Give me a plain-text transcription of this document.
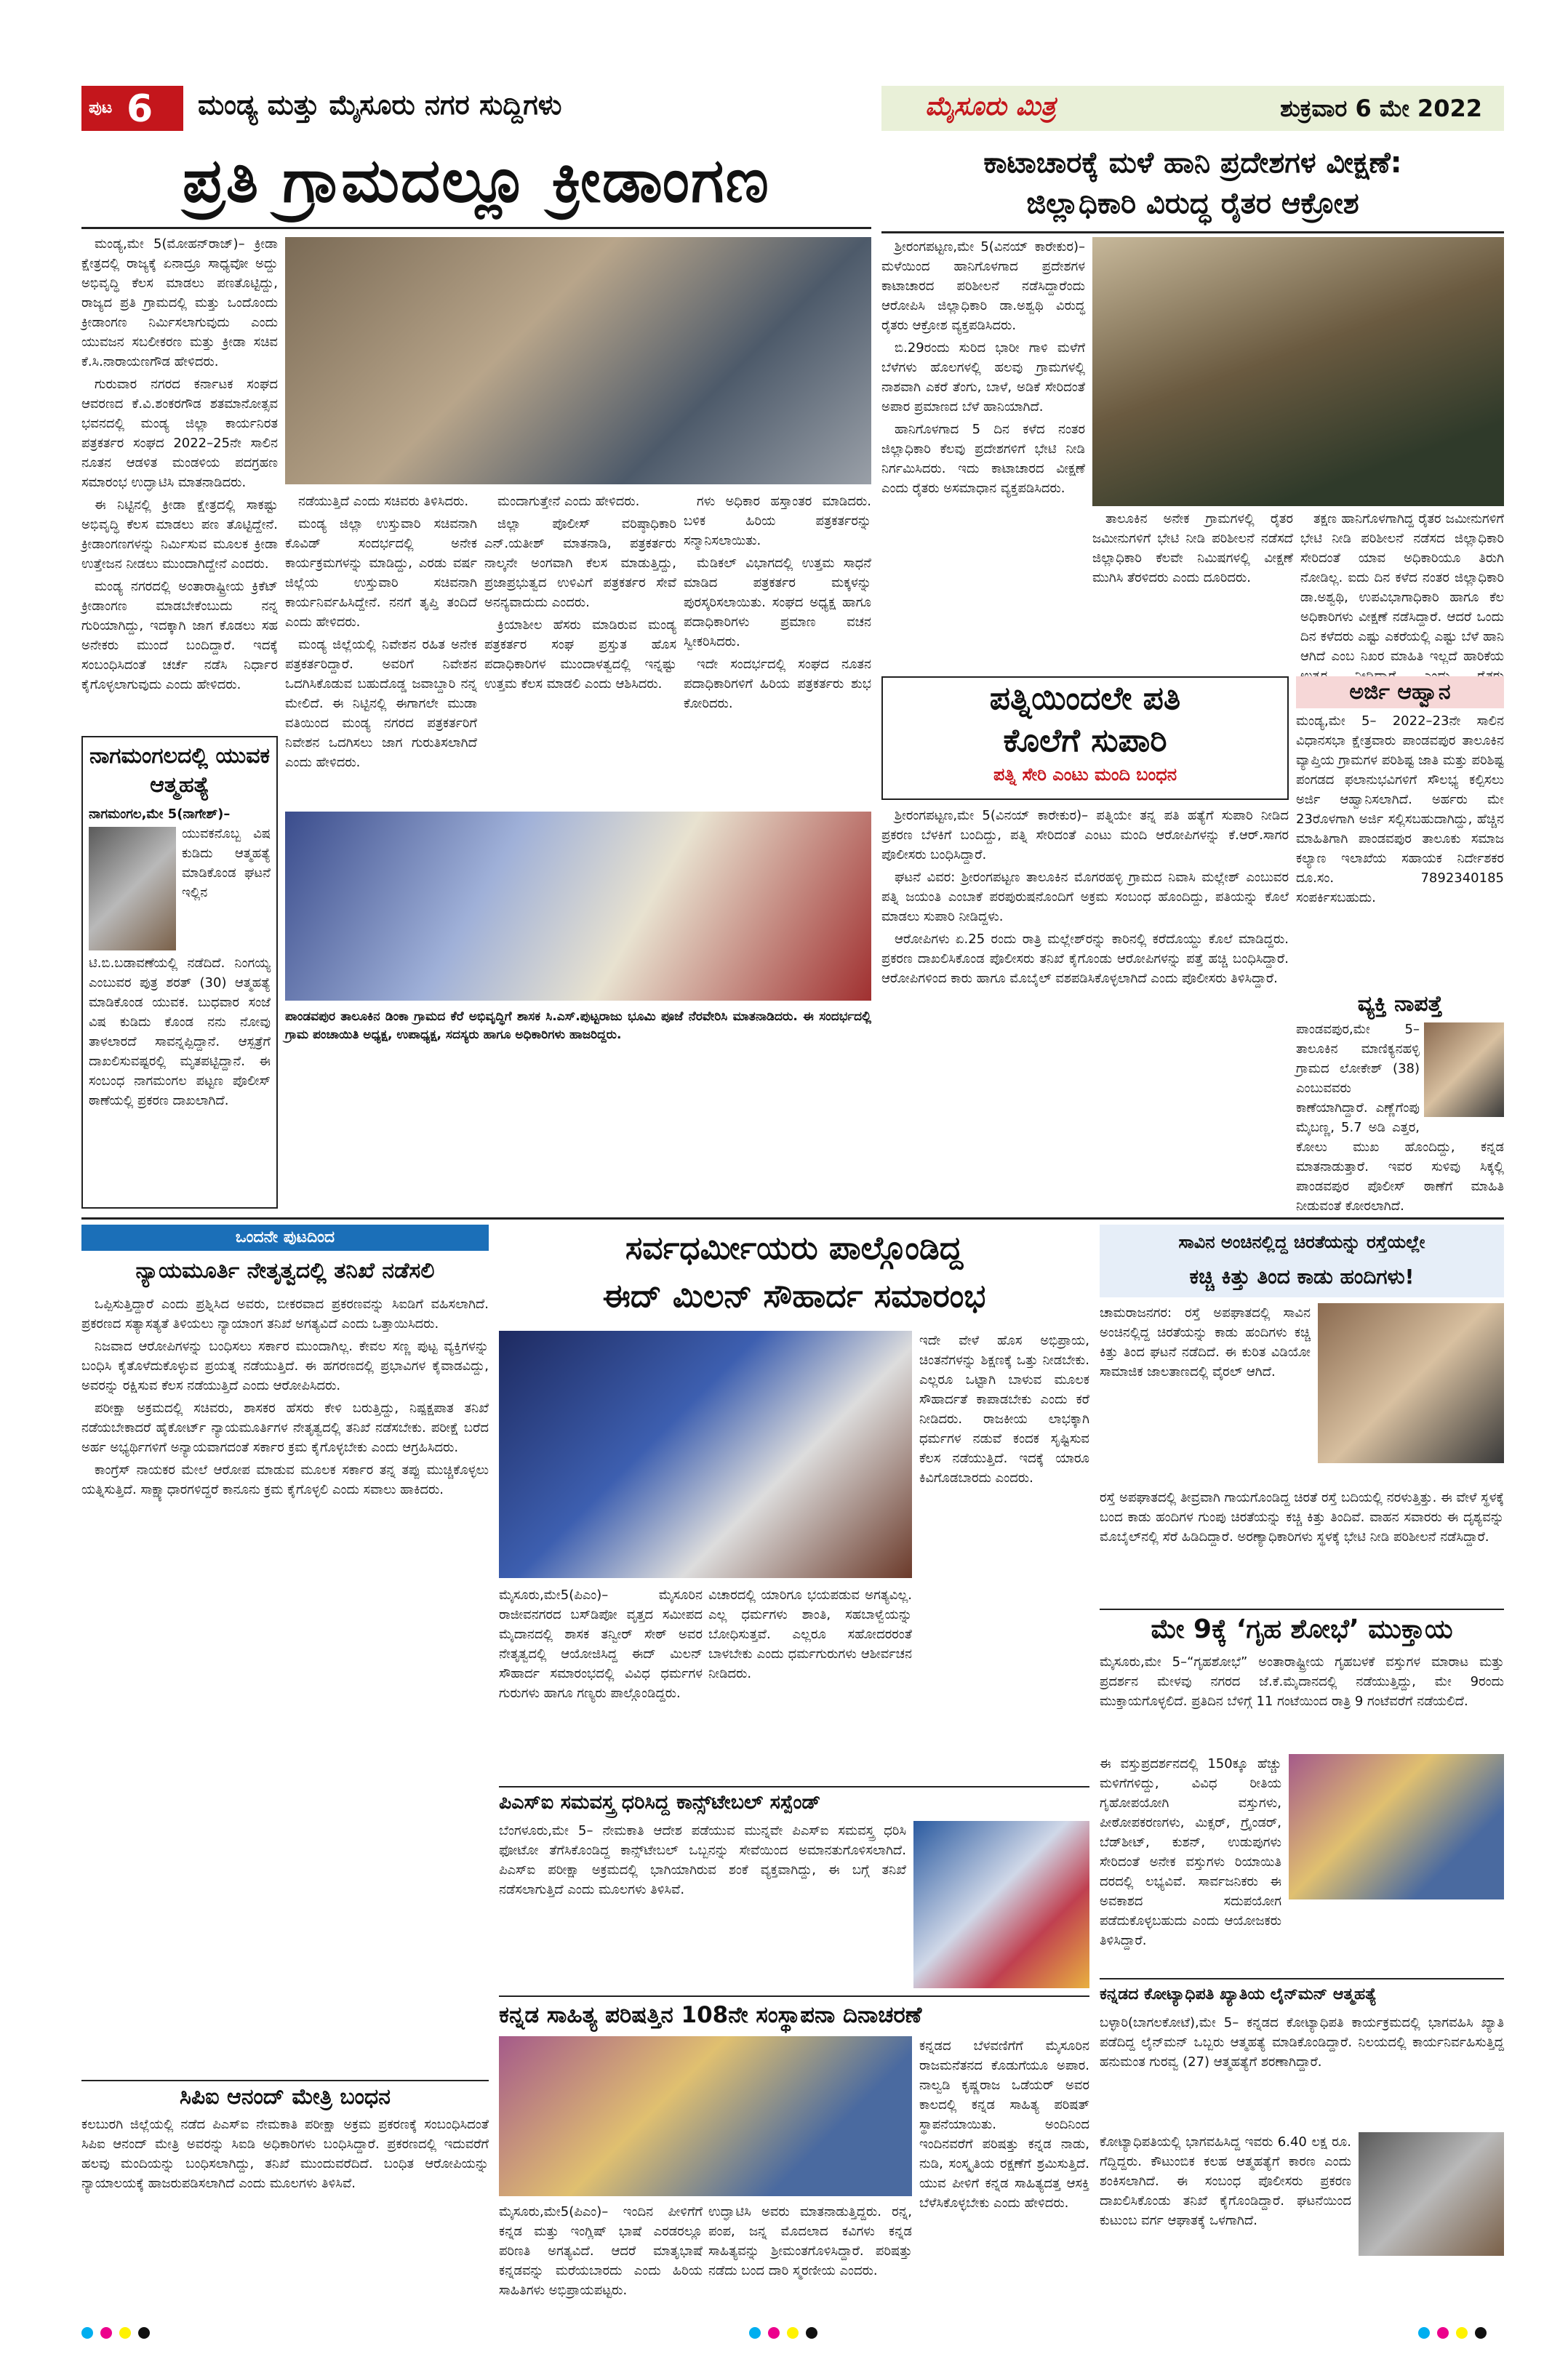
ಪುಟ 6 ಮಂಡ್ಯ ಮತ್ತು ಮೈಸೂರು ನಗರ ಸುದ್ದಿಗಳು	ಮೈಸೂರು ಮಿತ್ರ	ಶುಕ್ರವಾರ 6 ಮೇ 2022
ಪ್ರತಿ ಗ್ರಾಮದಲ್ಲೂ ಕ್ರೀಡಾಂಗಣ

ಮಂಡ್ಯ,ಮೇ 5(ಮೋಹನ್‌ರಾಜ್)– ಕ್ರೀಡಾ ಕ್ಷೇತ್ರದಲ್ಲಿ ರಾಜ್ಯಕ್ಕೆ ಏನಾದ್ರೂ ಸಾಧ್ಯವೋ ಅದ್ದು ಅಭಿವೃದ್ಧಿ ಕೆಲಸ ಮಾಡಲು ಪಣತೊಟ್ಟಿದ್ದು, ರಾಜ್ಯದ ಪ್ರತಿ ಗ್ರಾಮದಲ್ಲಿ ಮತ್ತು ಒಂದೊಂದು ಕ್ರೀಡಾಂಗಣ ನಿರ್ಮಿಸಲಾಗುವುದು ಎಂದು ಯುವಜನ ಸಬಲೀಕರಣ ಮತ್ತು ಕ್ರೀಡಾ ಸಚಿವ ಕೆ.ಸಿ.ನಾರಾಯಣಗೌಡ ಹೇಳಿದರು.

ಗುರುವಾರ ನಗರದ ಕರ್ನಾಟಕ ಸಂಘದ ಆವರಣದ ಕೆ.ವಿ.ಶಂಕರಗೌಡ ಶತಮಾನೋತ್ಸವ ಭವನದಲ್ಲಿ ಮಂಡ್ಯ ಜಿಲ್ಲಾ ಕಾರ್ಯನಿರತ ಪತ್ರಕರ್ತರ ಸಂಘದ 2022–25ನೇ ಸಾಲಿನ ನೂತನ ಆಡಳಿತ ಮಂಡಳಿಯ ಪದಗ್ರಹಣ ಸಮಾರಂಭ ಉದ್ಘಾಟಿಸಿ ಮಾತನಾಡಿದರು.

ಈ ನಿಟ್ಟಿನಲ್ಲಿ ಕ್ರೀಡಾ ಕ್ಷೇತ್ರದಲ್ಲಿ ಸಾಕಷ್ಟು ಅಭಿವೃದ್ಧಿ ಕೆಲಸ ಮಾಡಲು ಪಣ ತೊಟ್ಟಿದ್ದೇನೆ. ಕ್ರೀಡಾಂಗಣಗಳನ್ನು ನಿರ್ಮಿಸುವ ಮೂಲಕ ಕ್ರೀಡಾ ಉತ್ತೇಜನ ನೀಡಲು ಮುಂದಾಗಿದ್ದೇನೆ ಎಂದರು.

ಮಂಡ್ಯ ನಗರದಲ್ಲಿ ಅಂತಾರಾಷ್ಟ್ರೀಯ ಕ್ರಿಕೆಟ್ ಕ್ರೀಡಾಂಗಣ ಮಾಡಬೇಕೆಂಬುದು ನನ್ನ ಗುರಿಯಾಗಿದ್ದು, ಇದಕ್ಕಾಗಿ ಜಾಗ ಕೊಡಲು ಸಹ ಅನೇಕರು ಮುಂದೆ ಬಂದಿದ್ದಾರೆ. ಇದಕ್ಕೆ ಸಂಬಂಧಿಸಿದಂತೆ ಚರ್ಚೆ ನಡೆಸಿ ನಿರ್ಧಾರ ಕೈಗೊಳ್ಳಲಾಗುವುದು ಎಂದು ಹೇಳಿದರು.

ನಡೆಯುತ್ತಿದೆ ಎಂದು ಸಚಿವರು ತಿಳಿಸಿದರು.

ಮಂಡ್ಯ ಜಿಲ್ಲಾ ಉಸ್ತುವಾರಿ ಸಚಿವನಾಗಿ ಕೊವಿಡ್‌ ಸಂದರ್ಭದಲ್ಲಿ ಅನೇಕ ಕಾರ್ಯಕ್ರಮಗಳನ್ನು ಮಾಡಿದ್ದು, ಎರಡು ವರ್ಷ ಜಿಲ್ಲೆಯ ಉಸ್ತುವಾರಿ ಸಚಿವನಾಗಿ ಕಾರ್ಯನಿರ್ವಹಿಸಿದ್ದೇನೆ. ನನಗೆ ತೃಪ್ತಿ ತಂದಿದೆ ಎಂದು ಹೇಳಿದರು.

ಮಂಡ್ಯ ಜಿಲ್ಲೆಯಲ್ಲಿ ನಿವೇಶನ ರಹಿತ ಅನೇಕ ಪತ್ರಕರ್ತರಿದ್ದಾರೆ. ಅವರಿಗೆ ನಿವೇಶನ ಒದಗಿಸಿಕೊಡುವ ಬಹುದೊಡ್ಡ ಜವಾಬ್ದಾರಿ ನನ್ನ ಮೇಲಿದೆ. ಈ ನಿಟ್ಟಿನಲ್ಲಿ ಈಗಾಗಲೇ ಮುಡಾ ವತಿಯಿಂದ ಮಂಡ್ಯ ನಗರದ ಪತ್ರಕರ್ತರಿಗೆ ನಿವೇಶನ ಒದಗಿಸಲು ಜಾಗ ಗುರುತಿಸಲಾಗಿದೆ ಎಂದು ಹೇಳಿದರು.

ಮಂದಾಗುತ್ತೇನೆ ಎಂದು ಹೇಳಿದರು.

ಜಿಲ್ಲಾ ಪೊಲೀಸ್ ವರಿಷ್ಠಾಧಿಕಾರಿ ಎನ್.ಯತೀಶ್ ಮಾತನಾಡಿ, ಪತ್ರಕರ್ತರು ನಾಲ್ಕನೇ ಅಂಗವಾಗಿ ಕೆಲಸ ಮಾಡುತ್ತಿದ್ದು, ಪ್ರಜಾಪ್ರಭುತ್ವದ ಉಳಿವಿಗೆ ಪತ್ರಕರ್ತರ ಸೇವೆ ಅನನ್ಯವಾದುದು ಎಂದರು.

ಕ್ರಿಯಾಶೀಲ ಹೆಸರು ಮಾಡಿರುವ ಮಂಡ್ಯ ಪತ್ರಕರ್ತರ ಸಂಘ ಪ್ರಸ್ತುತ ಹೊಸ ಪದಾಧಿಕಾರಿಗಳ ಮುಂದಾಳತ್ವದಲ್ಲಿ ಇನ್ನಷ್ಟು ಉತ್ತಮ ಕೆಲಸ ಮಾಡಲಿ ಎಂದು ಆಶಿಸಿದರು.

ಗಳು ಅಧಿಕಾರ ಹಸ್ತಾಂತರ ಮಾಡಿದರು. ಬಳಿಕ ಹಿರಿಯ ಪತ್ರಕರ್ತರನ್ನು ಸನ್ಮಾನಿಸಲಾಯಿತು.

ಮೆಡಿಕಲ್ ವಿಭಾಗದಲ್ಲಿ ಉತ್ತಮ ಸಾಧನೆ ಮಾಡಿದ ಪತ್ರಕರ್ತರ ಮಕ್ಕಳನ್ನು ಪುರಸ್ಕರಿಸಲಾಯಿತು. ಸಂಘದ ಅಧ್ಯಕ್ಷ ಹಾಗೂ ಪದಾಧಿಕಾರಿಗಳು ಪ್ರಮಾಣ ವಚನ ಸ್ವೀಕರಿಸಿದರು.

ಇದೇ ಸಂದರ್ಭದಲ್ಲಿ ಸಂಘದ ನೂತನ ಪದಾಧಿಕಾರಿಗಳಿಗೆ ಹಿರಿಯ ಪತ್ರಕರ್ತರು ಶುಭ ಕೋರಿದರು.

ನಾಗಮಂಗಲದಲ್ಲಿ ಯುವಕ ಆತ್ಮಹತ್ಯೆ
ನಾಗಮಂಗಲ,ಮೇ 5(ನಾಗೇಶ್)–
ಯುವಕನೊಬ್ಬ ವಿಷ ಕುಡಿದು ಆತ್ಮಹತ್ಯೆ ಮಾಡಿಕೊಂಡ ಘಟನೆ ಇಲ್ಲಿನ ಟಿ.ಬಿ.ಬಡಾವಣೆಯಲ್ಲಿ ನಡೆದಿದೆ. ನಿಂಗಯ್ಯ ಎಂಬುವರ ಪುತ್ರ ಶರತ್ (30) ಆತ್ಮಹತ್ಯೆ ಮಾಡಿಕೊಂಡ ಯುವಕ. ಬುಧವಾರ ಸಂಜೆ ವಿಷ ಕುಡಿದು ಕೊಂಡ ನನು ನೋವು ತಾಳಲಾರದೆ ಸಾವನ್ನಪ್ಪಿದ್ದಾನೆ. ಆಸ್ಪತ್ರೆಗೆ ದಾಖಲಿಸುವಷ್ಟರಲ್ಲಿ ಮೃತಪಟ್ಟಿದ್ದಾನೆ. ಈ ಸಂಬಂಧ ನಾಗಮಂಗಲ ಪಟ್ಟಣ ಪೊಲೀಸ್ ಠಾಣೆಯಲ್ಲಿ ಪ್ರಕರಣ ದಾಖಲಾಗಿದೆ.
ಪಾಂಡವಪುರ ತಾಲೂಕಿನ ಡಿಂಕಾ ಗ್ರಾಮದ ಕೆರೆ ಅಭಿವೃದ್ಧಿಗೆ ಶಾಸಕ ಸಿ.ಎಸ್.ಪುಟ್ಟರಾಜು ಭೂಮಿ ಪೂಜೆ ನೆರವೇರಿಸಿ ಮಾತನಾಡಿದರು. ಈ ಸಂದರ್ಭದಲ್ಲಿ ಗ್ರಾಮ ಪಂಚಾಯಿತಿ ಅಧ್ಯಕ್ಷ, ಉಪಾಧ್ಯಕ್ಷ, ಸದಸ್ಯರು ಹಾಗೂ ಅಧಿಕಾರಿಗಳು ಹಾಜರಿದ್ದರು.
ಕಾಟಾಚಾರಕ್ಕೆ ಮಳೆ ಹಾನಿ ಪ್ರದೇಶಗಳ ವೀಕ್ಷಣೆ:
ಜಿಲ್ಲಾಧಿಕಾರಿ ವಿರುದ್ಧ ರೈತರ ಆಕ್ರೋಶ

ಶ್ರೀರಂಗಪಟ್ಟಣ,ಮೇ 5(ವಿನಯ್ ಕಾರೇಕುರ)–ಮಳೆಯಿಂದ ಹಾನಿಗೊಳಗಾದ ಪ್ರದೇಶಗಳ ಕಾಟಾಚಾರದ ಪರಿಶೀಲನೆ ನಡೆಸಿದ್ದಾರೆಂದು ಆರೋಪಿಸಿ ಜಿಲ್ಲಾಧಿಕಾರಿ ಡಾ.ಅಶ್ವಥಿ ವಿರುದ್ಧ ರೈತರು ಆಕ್ರೋಶ ವ್ಯಕ್ತಪಡಿಸಿದರು.

ಬಿ.29ರಂದು ಸುರಿದ ಭಾರೀ ಗಾಳಿ ಮಳೆಗೆ ಬೆಳೆಗಳು ಹೊಲಗಳಲ್ಲಿ ಹಲವು ಗ್ರಾಮಗಳಲ್ಲಿ ನಾಶವಾಗಿ ಎಕರೆ ತೆಂಗು, ಬಾಳೆ, ಅಡಿಕೆ ಸೇರಿದಂತೆ ಅಪಾರ ಪ್ರಮಾಣದ ಬೆಳೆ ಹಾನಿಯಾಗಿದೆ.

ಹಾನಿಗೊಳಗಾದ 5 ದಿನ ಕಳೆದ ನಂತರ ಜಿಲ್ಲಾಧಿಕಾರಿ ಕೆಲವು ಪ್ರದೇಶಗಳಿಗೆ ಭೇಟಿ ನೀಡಿ ನಿರ್ಗಮಿಸಿದರು. ಇದು ಕಾಟಾಚಾರದ ವೀಕ್ಷಣೆ ಎಂದು ರೈತರು ಅಸಮಾಧಾನ ವ್ಯಕ್ತಪಡಿಸಿದರು.

ತಾಲೂಕಿನ ಅನೇಕ ಗ್ರಾಮಗಳಲ್ಲಿ ರೈತರ ಜಮೀನುಗಳಿಗೆ ಭೇಟಿ ನೀಡಿ ಪರಿಶೀಲನೆ ನಡೆಸದೆ ಜಿಲ್ಲಾಧಿಕಾರಿ ಕೆಲವೇ ನಿಮಿಷಗಳಲ್ಲಿ ವೀಕ್ಷಣೆ ಮುಗಿಸಿ ತೆರಳಿದರು ಎಂದು ದೂರಿದರು.

ತಕ್ಷಣ ಹಾನಿಗೊಳಗಾಗಿದ್ದ ರೈತರ ಜಮೀನುಗಳಿಗೆ ಭೇಟಿ ನೀಡಿ ಪರಿಶೀಲನೆ ನಡೆಸದ ಜಿಲ್ಲಾಧಿಕಾರಿ ಸೇರಿದಂತೆ ಯಾವ ಅಧಿಕಾರಿಯೂ ತಿರುಗಿ ನೋಡಿಲ್ಲ. ಐದು ದಿನ ಕಳೆದ ನಂತರ ಜಿಲ್ಲಾಧಿಕಾರಿ ಡಾ.ಅಶ್ವಥಿ, ಉಪವಿಭಾಗಾಧಿಕಾರಿ ಹಾಗೂ ಕೆಲ ಅಧಿಕಾರಿಗಳು ವೀಕ್ಷಣೆ ನಡೆಸಿದ್ದಾರೆ. ಆದರೆ ಒಂದು ದಿನ ಕಳೆದರು ಎಷ್ಟು ಎಕರೆಯಲ್ಲಿ ಎಷ್ಟು ಬೆಳೆ ಹಾನಿ ಆಗಿದೆ ಎಂಬ ನಿಖರ ಮಾಹಿತಿ ಇಲ್ಲದೆ ಹಾರಿಕೆಯ

ಪತ್ನಿಯಿಂದಲೇ ಪತಿ
ಕೊಲೆಗೆ ಸುಪಾರಿ
ಪತ್ನಿ ಸೇರಿ ಎಂಟು ಮಂದಿ ಬಂಧನ

ಶ್ರೀರಂಗಪಟ್ಟಣ,ಮೇ 5(ವಿನಯ್ ಕಾರೇಕುರ)– ಪತ್ನಿಯೇ ತನ್ನ ಪತಿ ಹತ್ಯೆಗೆ ಸುಪಾರಿ ನೀಡಿದ ಪ್ರಕರಣ ಬೆಳಕಿಗೆ ಬಂದಿದ್ದು, ಪತ್ನಿ ಸೇರಿದಂತೆ ಎಂಟು ಮಂದಿ ಆರೋಪಿಗಳನ್ನು ಕೆ.ಆರ್.ಸಾಗರ ಪೊಲೀಸರು ಬಂಧಿಸಿದ್ದಾರೆ.

ಘಟನೆ ವಿವರ: ಶ್ರೀರಂಗಪಟ್ಟಣ ತಾಲೂಕಿನ ಮೊಗರಹಳ್ಳಿ ಗ್ರಾಮದ ನಿವಾಸಿ ಮಲ್ಲೇಶ್ ಎಂಬುವರ ಪತ್ನಿ ಜಯಂತಿ ಎಂಬಾಕೆ ಪರಪುರುಷನೊಂದಿಗೆ ಅಕ್ರಮ ಸಂಬಂಧ ಹೊಂದಿದ್ದು, ಪತಿಯನ್ನು ಕೊಲೆ ಮಾಡಲು ಸುಪಾರಿ ನೀಡಿದ್ದಳು.

ಆರೋಪಿಗಳು ಏ.25 ರಂದು ರಾತ್ರಿ ಮಲ್ಲೇಶ್‌ರನ್ನು ಕಾರಿನಲ್ಲಿ ಕರೆದೊಯ್ದು ಕೊಲೆ ಮಾಡಿದ್ದರು. ಪ್ರಕರಣ ದಾಖಲಿಸಿಕೊಂಡ ಪೊಲೀಸರು ತನಿಖೆ ಕೈಗೊಂಡು ಆರೋಪಿಗಳನ್ನು ಪತ್ತೆ ಹಚ್ಚಿ ಬಂಧಿಸಿದ್ದಾರೆ. ಆರೋಪಿಗಳಿಂದ ಕಾರು ಹಾಗೂ ಮೊಬೈಲ್ ವಶಪಡಿಸಿಕೊಳ್ಳಲಾಗಿದೆ ಎಂದು ಪೊಲೀಸರು ತಿಳಿಸಿದ್ದಾರೆ.

ಅರ್ಜಿ ಆಹ್ವಾನ
ಮಂಡ್ಯ,ಮೇ 5– 2022–23ನೇ ಸಾಲಿನ ವಿಧಾನಸಭಾ ಕ್ಷೇತ್ರವಾರು ಪಾಂಡವಪುರ ತಾಲೂಕಿನ ವ್ಯಾಪ್ತಿಯ ಗ್ರಾಮಗಳ ಪರಿಶಿಷ್ಟ ಜಾತಿ ಮತ್ತು ಪರಿಶಿಷ್ಟ ಪಂಗಡದ ಫಲಾನುಭವಿಗಳಿಗೆ ಸೌಲಭ್ಯ ಕಲ್ಪಿಸಲು ಅರ್ಜಿ ಆಹ್ವಾನಿಸಲಾಗಿದೆ. ಅರ್ಹರು ಮೇ 23ರೊಳಗಾಗಿ ಅರ್ಜಿ ಸಲ್ಲಿಸಬಹುದಾಗಿದ್ದು, ಹೆಚ್ಚಿನ ಮಾಹಿತಿಗಾಗಿ ಪಾಂಡವಪುರ ತಾಲೂಕು ಸಮಾಜ ಕಲ್ಯಾಣ ಇಲಾಖೆಯ ಸಹಾಯಕ ನಿರ್ದೇಶಕರ ದೂ.ಸಂ. 7892340185 ಸಂಪರ್ಕಿಸಬಹುದು.
ವ್ಯಕ್ತಿ ನಾಪತ್ತೆ
ಪಾಂಡವಪುರ,ಮೇ 5– ತಾಲೂಕಿನ ಮಾಣಿಕ್ಯನಹಳ್ಳಿ ಗ್ರಾಮದ ಲೋಕೇಶ್ (38) ಎಂಬುವವರು ಕಾಣೆಯಾಗಿದ್ದಾರೆ. ಎಣ್ಣೆಗೆಂಪು ಮೈಬಣ್ಣ, 5.7 ಅಡಿ ಎತ್ತರ, ಕೋಲು ಮುಖ ಹೊಂದಿದ್ದು, ಕನ್ನಡ ಮಾತನಾಡುತ್ತಾರೆ. ಇವರ ಸುಳಿವು ಸಿಕ್ಕಲ್ಲಿ ಪಾಂಡವಪುರ ಪೊಲೀಸ್ ಠಾಣೆಗೆ ಮಾಹಿತಿ ನೀಡುವಂತೆ ಕೋರಲಾಗಿದೆ.
ಒಂದನೇ ಪುಟದಿಂದ
ನ್ಯಾಯಮೂರ್ತಿ ನೇತೃತ್ವದಲ್ಲಿ ತನಿಖೆ ನಡೆಸಲಿ

ಒಪ್ಪಿಸುತ್ತಿದ್ದಾರೆ ಎಂದು ಪ್ರಶ್ನಿಸಿದ ಅವರು, ಬೀಕರವಾದ ಪ್ರಕರಣವನ್ನು ಸಿಐಡಿಗೆ ವಹಿಸಲಾಗಿದೆ. ಪ್ರಕರಣದ ಸತ್ಯಾಸತ್ಯತೆ ತಿಳಿಯಲು ನ್ಯಾಯಾಂಗ ತನಿಖೆ ಅಗತ್ಯವಿದೆ ಎಂದು ಒತ್ತಾಯಿಸಿದರು.

ನಿಜವಾದ ಆರೋಪಿಗಳನ್ನು ಬಂಧಿಸಲು ಸರ್ಕಾರ ಮುಂದಾಗಿಲ್ಲ. ಕೇವಲ ಸಣ್ಣ ಪುಟ್ಟ ವ್ಯಕ್ತಿಗಳನ್ನು ಬಂಧಿಸಿ ಕೈತೊಳೆದುಕೊಳ್ಳುವ ಪ್ರಯತ್ನ ನಡೆಯುತ್ತಿದೆ. ಈ ಹಗರಣದಲ್ಲಿ ಪ್ರಭಾವಿಗಳ ಕೈವಾಡವಿದ್ದು, ಅವರನ್ನು ರಕ್ಷಿಸುವ ಕೆಲಸ ನಡೆಯುತ್ತಿದೆ ಎಂದು ಆರೋಪಿಸಿದರು.

ಪರೀಕ್ಷಾ ಅಕ್ರಮದಲ್ಲಿ ಸಚಿವರು, ಶಾಸಕರ ಹೆಸರು ಕೇಳಿ ಬರುತ್ತಿದ್ದು, ನಿಷ್ಪಕ್ಷಪಾತ ತನಿಖೆ ನಡೆಯಬೇಕಾದರೆ ಹೈಕೋರ್ಟ್ ನ್ಯಾಯಮೂರ್ತಿಗಳ ನೇತೃತ್ವದಲ್ಲಿ ತನಿಖೆ ನಡೆಸಬೇಕು. ಪರೀಕ್ಷೆ ಬರೆದ ಅರ್ಹ ಅಭ್ಯರ್ಥಿಗಳಿಗೆ ಅನ್ಯಾಯವಾಗದಂತೆ ಸರ್ಕಾರ ಕ್ರಮ ಕೈಗೊಳ್ಳಬೇಕು ಎಂದು ಆಗ್ರಹಿಸಿದರು.

ಕಾಂಗ್ರೆಸ್ ನಾಯಕರ ಮೇಲೆ ಆರೋಪ ಮಾಡುವ ಮೂಲಕ ಸರ್ಕಾರ ತನ್ನ ತಪ್ಪು ಮುಚ್ಚಿಕೊಳ್ಳಲು ಯತ್ನಿಸುತ್ತಿದೆ. ಸಾಕ್ಷ್ಯಾಧಾರಗಳಿದ್ದರೆ ಕಾನೂನು ಕ್ರಮ ಕೈಗೊಳ್ಳಲಿ ಎಂದು ಸವಾಲು ಹಾಕಿದರು.

ಸಿಪಿಐ ಆನಂದ್ ಮೇತ್ರಿ ಬಂಧನ
ಕಲಬುರಗಿ ಜಿಲ್ಲೆಯಲ್ಲಿ ನಡೆದ ಪಿಎಸ್‌ಐ ನೇಮಕಾತಿ ಪರೀಕ್ಷಾ ಅಕ್ರಮ ಪ್ರಕರಣಕ್ಕೆ ಸಂಬಂಧಿಸಿದಂತೆ ಸಿಪಿಐ ಆನಂದ್ ಮೇತ್ರಿ ಅವರನ್ನು ಸಿಐಡಿ ಅಧಿಕಾರಿಗಳು ಬಂಧಿಸಿದ್ದಾರೆ. ಪ್ರಕರಣದಲ್ಲಿ ಇದುವರೆಗೆ ಹಲವು ಮಂದಿಯನ್ನು ಬಂಧಿಸಲಾಗಿದ್ದು, ತನಿಖೆ ಮುಂದುವರೆದಿದೆ. ಬಂಧಿತ ಆರೋಪಿಯನ್ನು ನ್ಯಾಯಾಲಯಕ್ಕೆ ಹಾಜರುಪಡಿಸಲಾಗಿದೆ ಎಂದು ಮೂಲಗಳು ತಿಳಿಸಿವೆ.
ಸರ್ವಧರ್ಮೀಯರು ಪಾಲ್ಗೊಂಡಿದ್ದ
ಈದ್ ಮಿಲನ್ ಸೌಹಾರ್ದ ಸಮಾರಂಭ
ಇದೇ ವೇಳೆ ಹೊಸ ಅಭಿಪ್ರಾಯ, ಚಿಂತನೆಗಳನ್ನು ಶಿಕ್ಷಣಕ್ಕೆ ಒತ್ತು ನೀಡಬೇಕು. ಎಲ್ಲರೂ ಒಟ್ಟಾಗಿ ಬಾಳುವ ಮೂಲಕ ಸೌಹಾರ್ದತೆ ಕಾಪಾಡಬೇಕು ಎಂದು ಕರೆ ನೀಡಿದರು. ರಾಜಕೀಯ ಲಾಭಕ್ಕಾಗಿ ಧರ್ಮಗಳ ನಡುವೆ ಕಂದಕ ಸೃಷ್ಟಿಸುವ ಕೆಲಸ ನಡೆಯುತ್ತಿದೆ. ಇದಕ್ಕೆ ಯಾರೂ ಕಿವಿಗೊಡಬಾರದು ಎಂದರು.
ಮೈಸೂರು,ಮೇ5(ಪಿಎಂ)– ಮೈಸೂರಿನ ರಾಜೀವನಗರದ ಬಸ್‌ಡಿಪೋ ವೃತ್ತದ ಸಮೀಪದ ಮೈದಾನದಲ್ಲಿ ಶಾಸಕ ತನ್ವೀರ್ ಸೇಠ್ ಅವರ ನೇತೃತ್ವದಲ್ಲಿ ಆಯೋಜಿಸಿದ್ದ ಈದ್ ಮಿಲನ್ ಸೌಹಾರ್ದ ಸಮಾರಂಭದಲ್ಲಿ ವಿವಿಧ ಧರ್ಮಗಳ ಗುರುಗಳು ಹಾಗೂ ಗಣ್ಯರು ಪಾಲ್ಗೊಂಡಿದ್ದರು.
ವಿಚಾರದಲ್ಲಿ ಯಾರಿಗೂ ಭಯಪಡುವ ಅಗತ್ಯವಿಲ್ಲ. ಎಲ್ಲ ಧರ್ಮಗಳು ಶಾಂತಿ, ಸಹಬಾಳ್ವೆಯನ್ನು ಬೋಧಿಸುತ್ತವೆ. ಎಲ್ಲರೂ ಸಹೋದರರಂತೆ ಬಾಳಬೇಕು ಎಂದು ಧರ್ಮಗುರುಗಳು ಆಶೀರ್ವಚನ ನೀಡಿದರು.
ಪಿಎಸ್‌ಐ ಸಮವಸ್ತ್ರ ಧರಿಸಿದ್ದ ಕಾನ್ಸ್‌ಟೇಬಲ್ ಸಸ್ಪೆಂಡ್
ಬೆಂಗಳೂರು,ಮೇ 5– ನೇಮಕಾತಿ ಆದೇಶ ಪಡೆಯುವ ಮುನ್ನವೇ ಪಿಎಸ್‌ಐ ಸಮವಸ್ತ್ರ ಧರಿಸಿ ಫೋಟೋ ತೆಗೆಸಿಕೊಂಡಿದ್ದ ಕಾನ್ಸ್‌ಟೇಬಲ್ ಒಬ್ಬನನ್ನು ಸೇವೆಯಿಂದ ಅಮಾನತುಗೊಳಿಸಲಾಗಿದೆ. ಪಿಎಸ್‌ಐ ಪರೀಕ್ಷಾ ಅಕ್ರಮದಲ್ಲಿ ಭಾಗಿಯಾಗಿರುವ ಶಂಕೆ ವ್ಯಕ್ತವಾಗಿದ್ದು, ಈ ಬಗ್ಗೆ ತನಿಖೆ ನಡೆಸಲಾಗುತ್ತಿದೆ ಎಂದು ಮೂಲಗಳು ತಿಳಿಸಿವೆ.
ಕನ್ನಡ ಸಾಹಿತ್ಯ ಪರಿಷತ್ತಿನ 108ನೇ ಸಂಸ್ಥಾಪನಾ ದಿನಾಚರಣೆ
ಕನ್ನಡದ ಬೆಳವಣಿಗೆಗೆ ಮೈಸೂರಿನ ರಾಜಮನೆತನದ ಕೊಡುಗೆಯೂ ಅಪಾರ. ನಾಲ್ವಡಿ ಕೃಷ್ಣರಾಜ ಒಡೆಯರ್ ಅವರ ಕಾಲದಲ್ಲಿ ಕನ್ನಡ ಸಾಹಿತ್ಯ ಪರಿಷತ್ ಸ್ಥಾಪನೆಯಾಯಿತು. ಅಂದಿನಿಂದ ಇಂದಿನವರೆಗೆ ಪರಿಷತ್ತು ಕನ್ನಡ ನಾಡು, ನುಡಿ, ಸಂಸ್ಕೃತಿಯ ರಕ್ಷಣೆಗೆ ಶ್ರಮಿಸುತ್ತಿದೆ. ಯುವ ಪೀಳಿಗೆ ಕನ್ನಡ ಸಾಹಿತ್ಯದತ್ತ ಆಸಕ್ತಿ ಬೆಳೆಸಿಕೊಳ್ಳಬೇಕು ಎಂದು ಹೇಳಿದರು.
ಮೈಸೂರು,ಮೇ5(ಪಿಎಂ)– ಇಂದಿನ ಪೀಳಿಗೆಗೆ ಕನ್ನಡ ಮತ್ತು ಇಂಗ್ಲಿಷ್ ಭಾಷೆ ಎರಡರಲ್ಲೂ ಪರಿಣತಿ ಅಗತ್ಯವಿದೆ. ಆದರೆ ಮಾತೃಭಾಷೆ ಕನ್ನಡವನ್ನು ಮರೆಯಬಾರದು ಎಂದು ಹಿರಿಯ ಸಾಹಿತಿಗಳು ಅಭಿಪ್ರಾಯಪಟ್ಟರು.
ಉದ್ಘಾಟಿಸಿ ಅವರು ಮಾತನಾಡುತ್ತಿದ್ದರು. ರನ್ನ, ಪಂಪ, ಜನ್ನ ಮೊದಲಾದ ಕವಿಗಳು ಕನ್ನಡ ಸಾಹಿತ್ಯವನ್ನು ಶ್ರೀಮಂತಗೊಳಿಸಿದ್ದಾರೆ. ಪರಿಷತ್ತು ನಡೆದು ಬಂದ ದಾರಿ ಸ್ಮರಣೀಯ ಎಂದರು.
ಸಾವಿನ ಅಂಚಿನಲ್ಲಿದ್ದ ಚಿರತೆಯನ್ನು ರಸ್ತೆಯಲ್ಲೇ
ಕಚ್ಚಿ ಕಿತ್ತು ತಿಂದ ಕಾಡು ಹಂದಿಗಳು!
ಚಾಮರಾಜನಗರ: ರಸ್ತೆ ಅಪಘಾತದಲ್ಲಿ ಸಾವಿನ ಅಂಚಿನಲ್ಲಿದ್ದ ಚಿರತೆಯನ್ನು ಕಾಡು ಹಂದಿಗಳು ಕಚ್ಚಿ ಕಿತ್ತು ತಿಂದ ಘಟನೆ ನಡೆದಿದೆ. ಈ ಕುರಿತ ವಿಡಿಯೋ ಸಾಮಾಜಿಕ ಜಾಲತಾಣದಲ್ಲಿ ವೈರಲ್ ಆಗಿದೆ.
ರಸ್ತೆ ಅಪಘಾತದಲ್ಲಿ ತೀವ್ರವಾಗಿ ಗಾಯಗೊಂಡಿದ್ದ ಚಿರತೆ ರಸ್ತೆ ಬದಿಯಲ್ಲಿ ನರಳುತ್ತಿತ್ತು. ಈ ವೇಳೆ ಸ್ಥಳಕ್ಕೆ ಬಂದ ಕಾಡು ಹಂದಿಗಳ ಗುಂಪು ಚಿರತೆಯನ್ನು ಕಚ್ಚಿ ಕಿತ್ತು ತಿಂದಿವೆ. ವಾಹನ ಸವಾರರು ಈ ದೃಶ್ಯವನ್ನು ಮೊಬೈಲ್‌ನಲ್ಲಿ ಸೆರೆ ಹಿಡಿದಿದ್ದಾರೆ. ಅರಣ್ಯಾಧಿಕಾರಿಗಳು ಸ್ಥಳಕ್ಕೆ ಭೇಟಿ ನೀಡಿ ಪರಿಶೀಲನೆ ನಡೆಸಿದ್ದಾರೆ.
ಮೇ 9ಕ್ಕೆ ‘ಗೃಹ ಶೋಭೆ’ ಮುಕ್ತಾಯ
ಮೈಸೂರು,ಮೇ 5–“ಗೃಹಶೋಭೆ” ಅಂತಾರಾಷ್ಟ್ರೀಯ ಗೃಹಬಳಕೆ ವಸ್ತುಗಳ ಮಾರಾಟ ಮತ್ತು ಪ್ರದರ್ಶನ ಮೇಳವು ನಗರದ ಜೆ.ಕೆ.ಮೈದಾನದಲ್ಲಿ ನಡೆಯುತ್ತಿದ್ದು, ಮೇ 9ರಂದು ಮುಕ್ತಾಯಗೊಳ್ಳಲಿದೆ. ಪ್ರತಿದಿನ ಬೆಳಿಗ್ಗೆ 11 ಗಂಟೆಯಿಂದ ರಾತ್ರಿ 9 ಗಂಟೆವರೆಗೆ ನಡೆಯಲಿದೆ.
ಈ ವಸ್ತುಪ್ರದರ್ಶನದಲ್ಲಿ 150ಕ್ಕೂ ಹೆಚ್ಚು ಮಳಿಗೆಗಳಿದ್ದು, ವಿವಿಧ ರೀತಿಯ ಗೃಹೋಪಯೋಗಿ ವಸ್ತುಗಳು, ಪೀಠೋಪಕರಣಗಳು, ಮಿಕ್ಸರ್, ಗ್ರೈಂಡರ್, ಬೆಡ್‌ಶೀಟ್, ಕುಶನ್, ಉಡುಪುಗಳು ಸೇರಿದಂತೆ ಅನೇಕ ವಸ್ತುಗಳು ರಿಯಾಯಿತಿ ದರದಲ್ಲಿ ಲಭ್ಯವಿವೆ. ಸಾರ್ವಜನಿಕರು ಈ ಅವಕಾಶದ ಸದುಪಯೋಗ ಪಡೆದುಕೊಳ್ಳಬಹುದು ಎಂದು ಆಯೋಜಕರು ತಿಳಿಸಿದ್ದಾರೆ.
ಕನ್ನಡದ ಕೋಟ್ಯಾಧಿಪತಿ ಖ್ಯಾತಿಯ ಲೈನ್‌ಮನ್ ಆತ್ಮಹತ್ಯೆ
ಬಳ್ಳಾರಿ(ಬಾಗಲಕೋಟೆ),ಮೇ 5– ಕನ್ನಡದ ಕೋಟ್ಯಾಧಿಪತಿ ಕಾರ್ಯಕ್ರಮದಲ್ಲಿ ಭಾಗವಹಿಸಿ ಖ್ಯಾತಿ ಪಡೆದಿದ್ದ ಲೈನ್‌ಮನ್ ಒಬ್ಬರು ಆತ್ಮಹತ್ಯೆ ಮಾಡಿಕೊಂಡಿದ್ದಾರೆ. ನಿಲಯದಲ್ಲಿ ಕಾರ್ಯನಿರ್ವಹಿಸುತ್ತಿದ್ದ ಹನುಮಂತ ಗುರವ್ವ (27) ಆತ್ಮಹತ್ಯೆಗೆ ಶರಣಾಗಿದ್ದಾರೆ.
ಕೋಟ್ಯಾಧಿಪತಿಯಲ್ಲಿ ಭಾಗವಹಿಸಿದ್ದ ಇವರು 6.40 ಲಕ್ಷ ರೂ. ಗೆದ್ದಿದ್ದರು. ಕೌಟುಂಬಿಕ ಕಲಹ ಆತ್ಮಹತ್ಯೆಗೆ ಕಾರಣ ಎಂದು ಶಂಕಿಸಲಾಗಿದೆ. ಈ ಸಂಬಂಧ ಪೊಲೀಸರು ಪ್ರಕರಣ ದಾಖಲಿಸಿಕೊಂಡು ತನಿಖೆ ಕೈಗೊಂಡಿದ್ದಾರೆ. ಘಟನೆಯಿಂದ ಕುಟುಂಬ ವರ್ಗ ಆಘಾತಕ್ಕೆ ಒಳಗಾಗಿದೆ.
